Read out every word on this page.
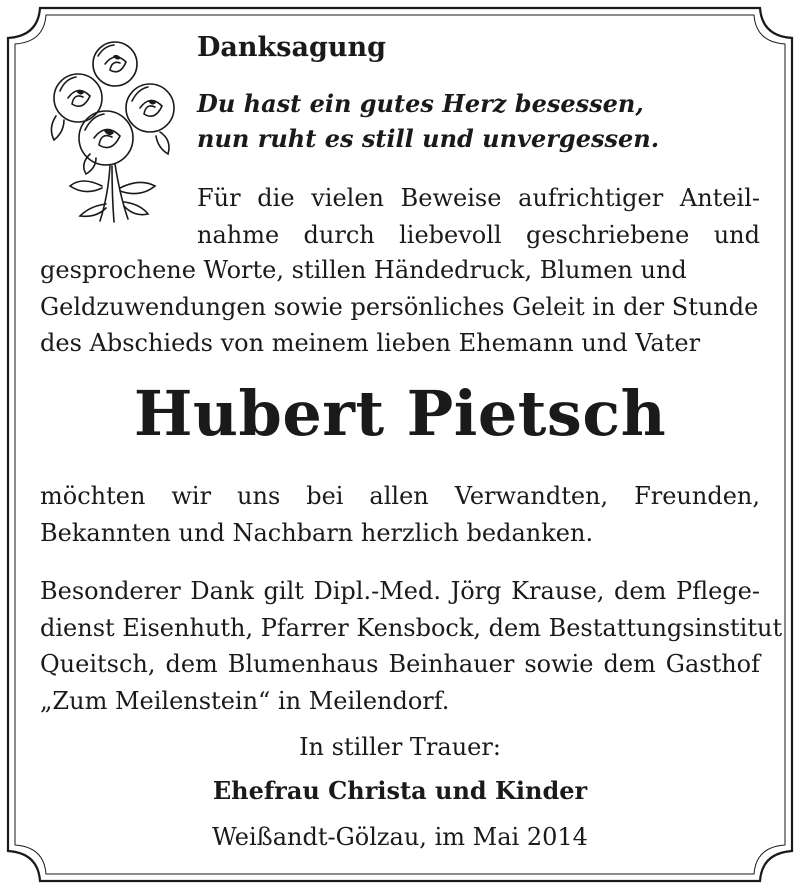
Danksagung
Du hast ein gutes Herz besessen,
nun ruht es still und unvergessen.
Für die vielen Beweise aufrichtiger Anteil-
nahme durch liebevoll geschriebene und
gesprochene Worte, stillen Händedruck, Blumen und
Geldzuwendungen sowie persönliches Geleit in der Stunde
des Abschieds von meinem lieben Ehemann und Vater
Hubert Pietsch
möchten wir uns bei allen Verwandten, Freunden,
Bekannten und Nachbarn herzlich bedanken.
Besonderer Dank gilt Dipl.-Med. Jörg Krause, dem Pflege-
dienst Eisenhuth, Pfarrer Kensbock, dem Bestattungsinstitut
Queitsch, dem Blumenhaus Beinhauer sowie dem Gasthof
„Zum Meilenstein“ in Meilendorf.
In stiller Trauer:
Ehefrau Christa und Kinder
Weißandt-Gölzau, im Mai 2014
